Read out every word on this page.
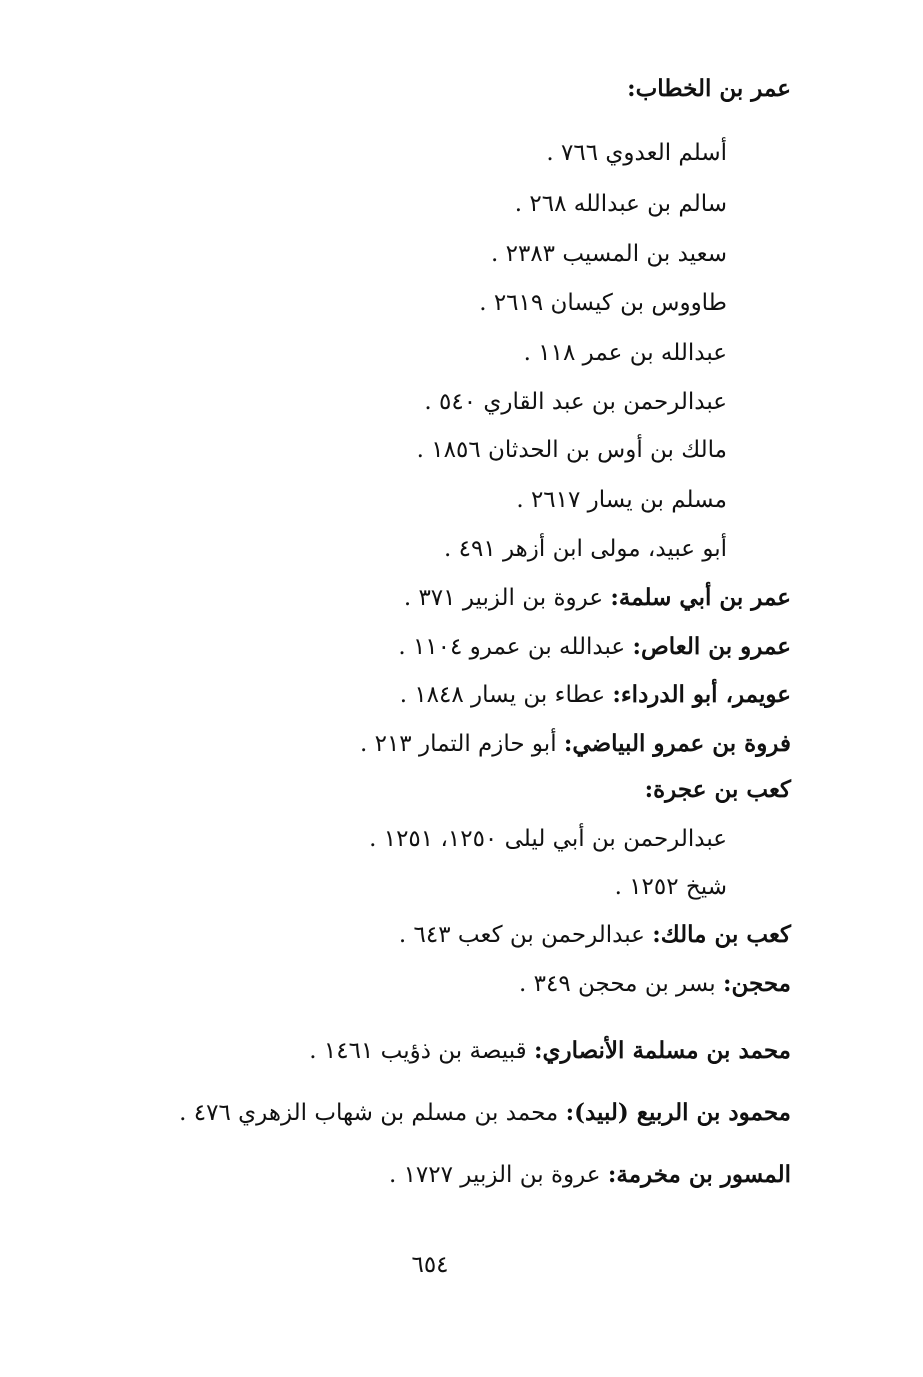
عمر بن الخطاب:
أسلم العدوي ٧٦٦ .
سالم بن عبدالله ٢٦٨ .
سعيد بن المسيب ٢٣٨٣ .
طاووس بن كيسان ٢٦١٩ .
عبدالله بن عمر ١١٨ .
عبدالرحمن بن عبد القاري ٥٤٠ .
مالك بن أوس بن الحدثان ١٨٥٦ .
مسلم بن يسار ٢٦١٧ .
أبو عبيد، مولى ابن أزهر ٤٩١ .
عمر بن أبي سلمة: عروة بن الزبير ٣٧١ .
عمرو بن العاص: عبدالله بن عمرو ١١٠٤ .
عويمر، أبو الدرداء: عطاء بن يسار ١٨٤٨ .
فروة بن عمرو البياضي: أبو حازم التمار ٢١٣ .
كعب بن عجرة:
عبدالرحمن بن أبي ليلى ١٢٥٠، ١٢٥١ .
شيخ ١٢٥٢ .
كعب بن مالك: عبدالرحمن بن كعب ٦٤٣ .
محجن: بسر بن محجن ٣٤٩ .
محمد بن مسلمة الأنصاري: قبيصة بن ذؤيب ١٤٦١ .
محمود بن الربيع (لبيد): محمد بن مسلم بن شهاب الزهري ٤٧٦ .
المسور بن مخرمة: عروة بن الزبير ١٧٢٧ .
٦٥٤
